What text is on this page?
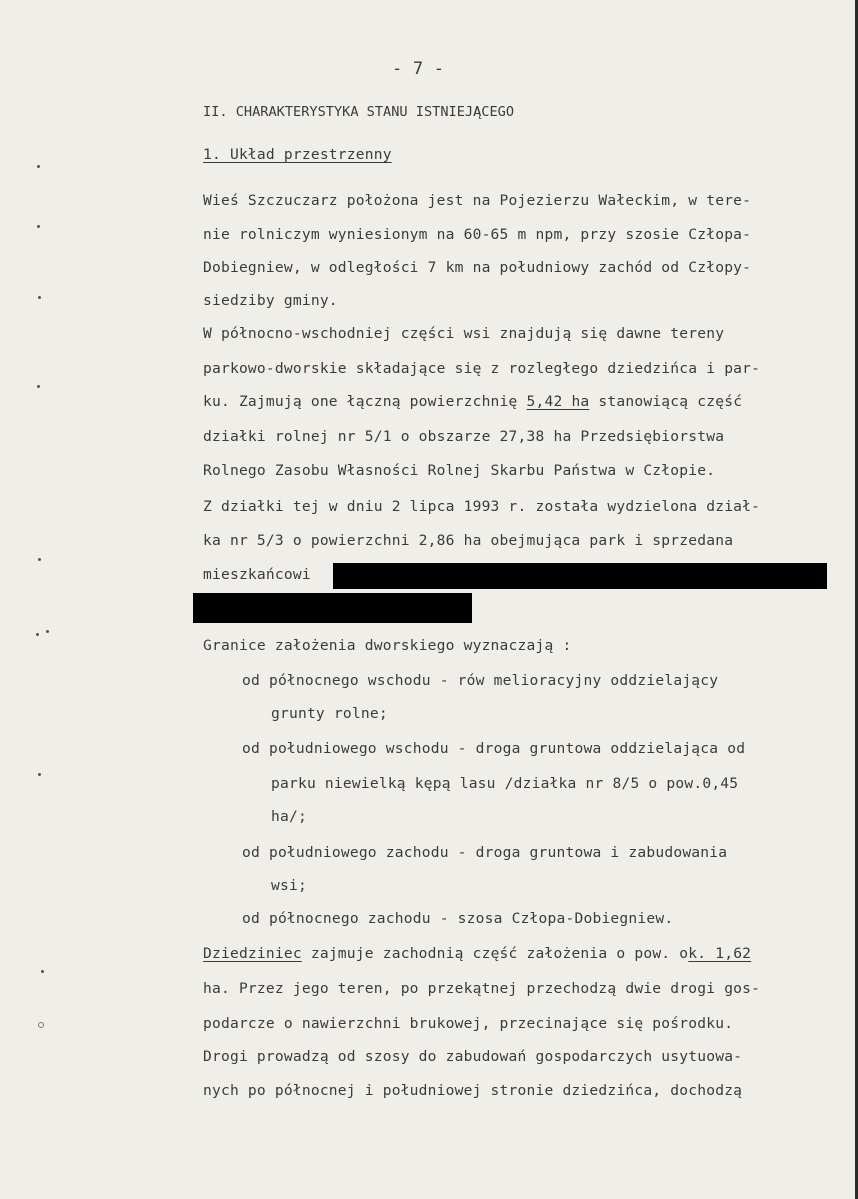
- 7 -
II. CHARAKTERYSTYKA STANU ISTNIEJĄCEGO
1. Układ przestrzenny
Wieś Szczuczarz położona jest na Pojezierzu Wałeckim, w tere-
nie rolniczym wyniesionym na 60-65 m npm, przy szosie Człopa-
Dobiegniew, w odległości 7 km na południowy zachód od Człopy-
siedziby gminy.
W północno-wschodniej części wsi znajdują się dawne tereny
parkowo-dworskie składające się z rozległego dziedzińca i par-
ku. Zajmują one łączną powierzchnię 5,42 ha stanowiącą część
działki rolnej nr 5/1 o obszarze 27,38 ha Przedsiębiorstwa
Rolnego Zasobu Własności Rolnej Skarbu Państwa w Człopie.
Z działki tej w dniu 2 lipca 1993 r. została wydzielona dział-
ka nr 5/3 o powierzchni 2,86 ha obejmująca park i sprzedana
mieszkańcowi
Granice założenia dworskiego wyznaczają :
od północnego wschodu - rów melioracyjny oddzielający
grunty rolne;
od południowego wschodu - droga gruntowa oddzielająca od
parku niewielką kępą lasu /działka nr 8/5 o pow.0,45
ha/;
od południowego zachodu - droga gruntowa i zabudowania
wsi;
od północnego zachodu - szosa Człopa-Dobiegniew.
Dziedziniec zajmuje zachodnią część założenia o pow. ok. 1,62
ha. Przez jego teren, po przekątnej przechodzą dwie drogi gos-
podarcze o nawierzchni brukowej, przecinające się pośrodku.
Drogi prowadzą od szosy do zabudowań gospodarczych usytuowa-
nych po północnej i południowej stronie dziedzińca, dochodzą
